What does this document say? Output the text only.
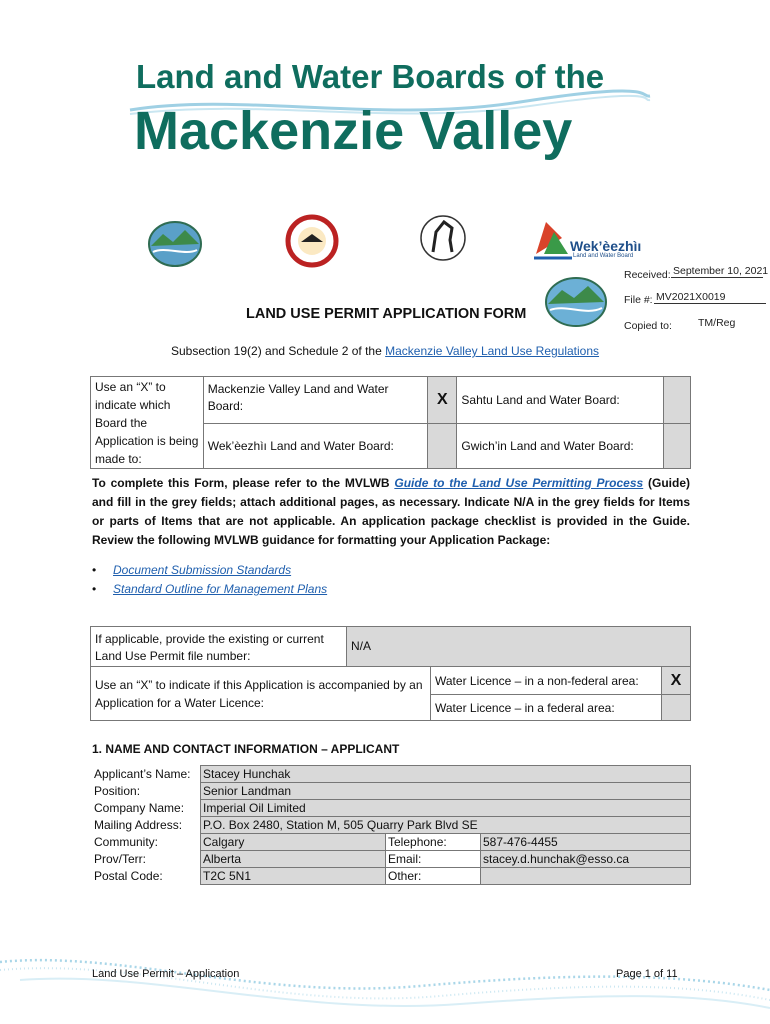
Land and Water Boards of the
Mackenzie Valley
Wek’èezhìı
Land and Water Board
Received: September 10, 2021
File #: MV2021X0019
Copied to: TM/Reg
LAND USE PERMIT APPLICATION FORM
Subsection 19(2) and Schedule 2 of the Mackenzie Valley Land Use Regulations
Use an “X” to indicate which Board the Application is being made to:	Mackenzie Valley Land and Water Board:	X	Sahtu Land and Water Board:	
	Wek’èezhìı Land and Water Board:		Gwich’in Land and Water Board:	
To complete this Form, please refer to the MVLWB Guide to the Land Use Permitting Process (Guide) and fill in the grey fields; attach additional pages, as necessary. Indicate N/A in the grey fields for Items or parts of Items that are not applicable. An application package checklist is provided in the Guide. Review the following MVLWB guidance for formatting your Application Package:
• Document Submission Standards
• Standard Outline for Management Plans
If applicable, provide the existing or current Land Use Permit file number:	N/A		
Use an “X” to indicate if this Application is accompanied by an Application for a Water Licence:		Water Licence – in a non-federal area:	X
		Water Licence – in a federal area:	
1. NAME AND CONTACT INFORMATION – APPLICANT
Applicant’s Name:	Stacey Hunchak		
Position:	Senior Landman		
Company Name:	Imperial Oil Limited		
Mailing Address:	P.O. Box 2480, Station M, 505 Quarry Park Blvd SE		
Community:	Calgary	Telephone:	587-476-4455
Prov/Terr:	Alberta	Email:	stacey.d.hunchak@esso.ca
Postal Code:	T2C 5N1	Other:	
Land Use Permit – Application	Page 1 of 11
